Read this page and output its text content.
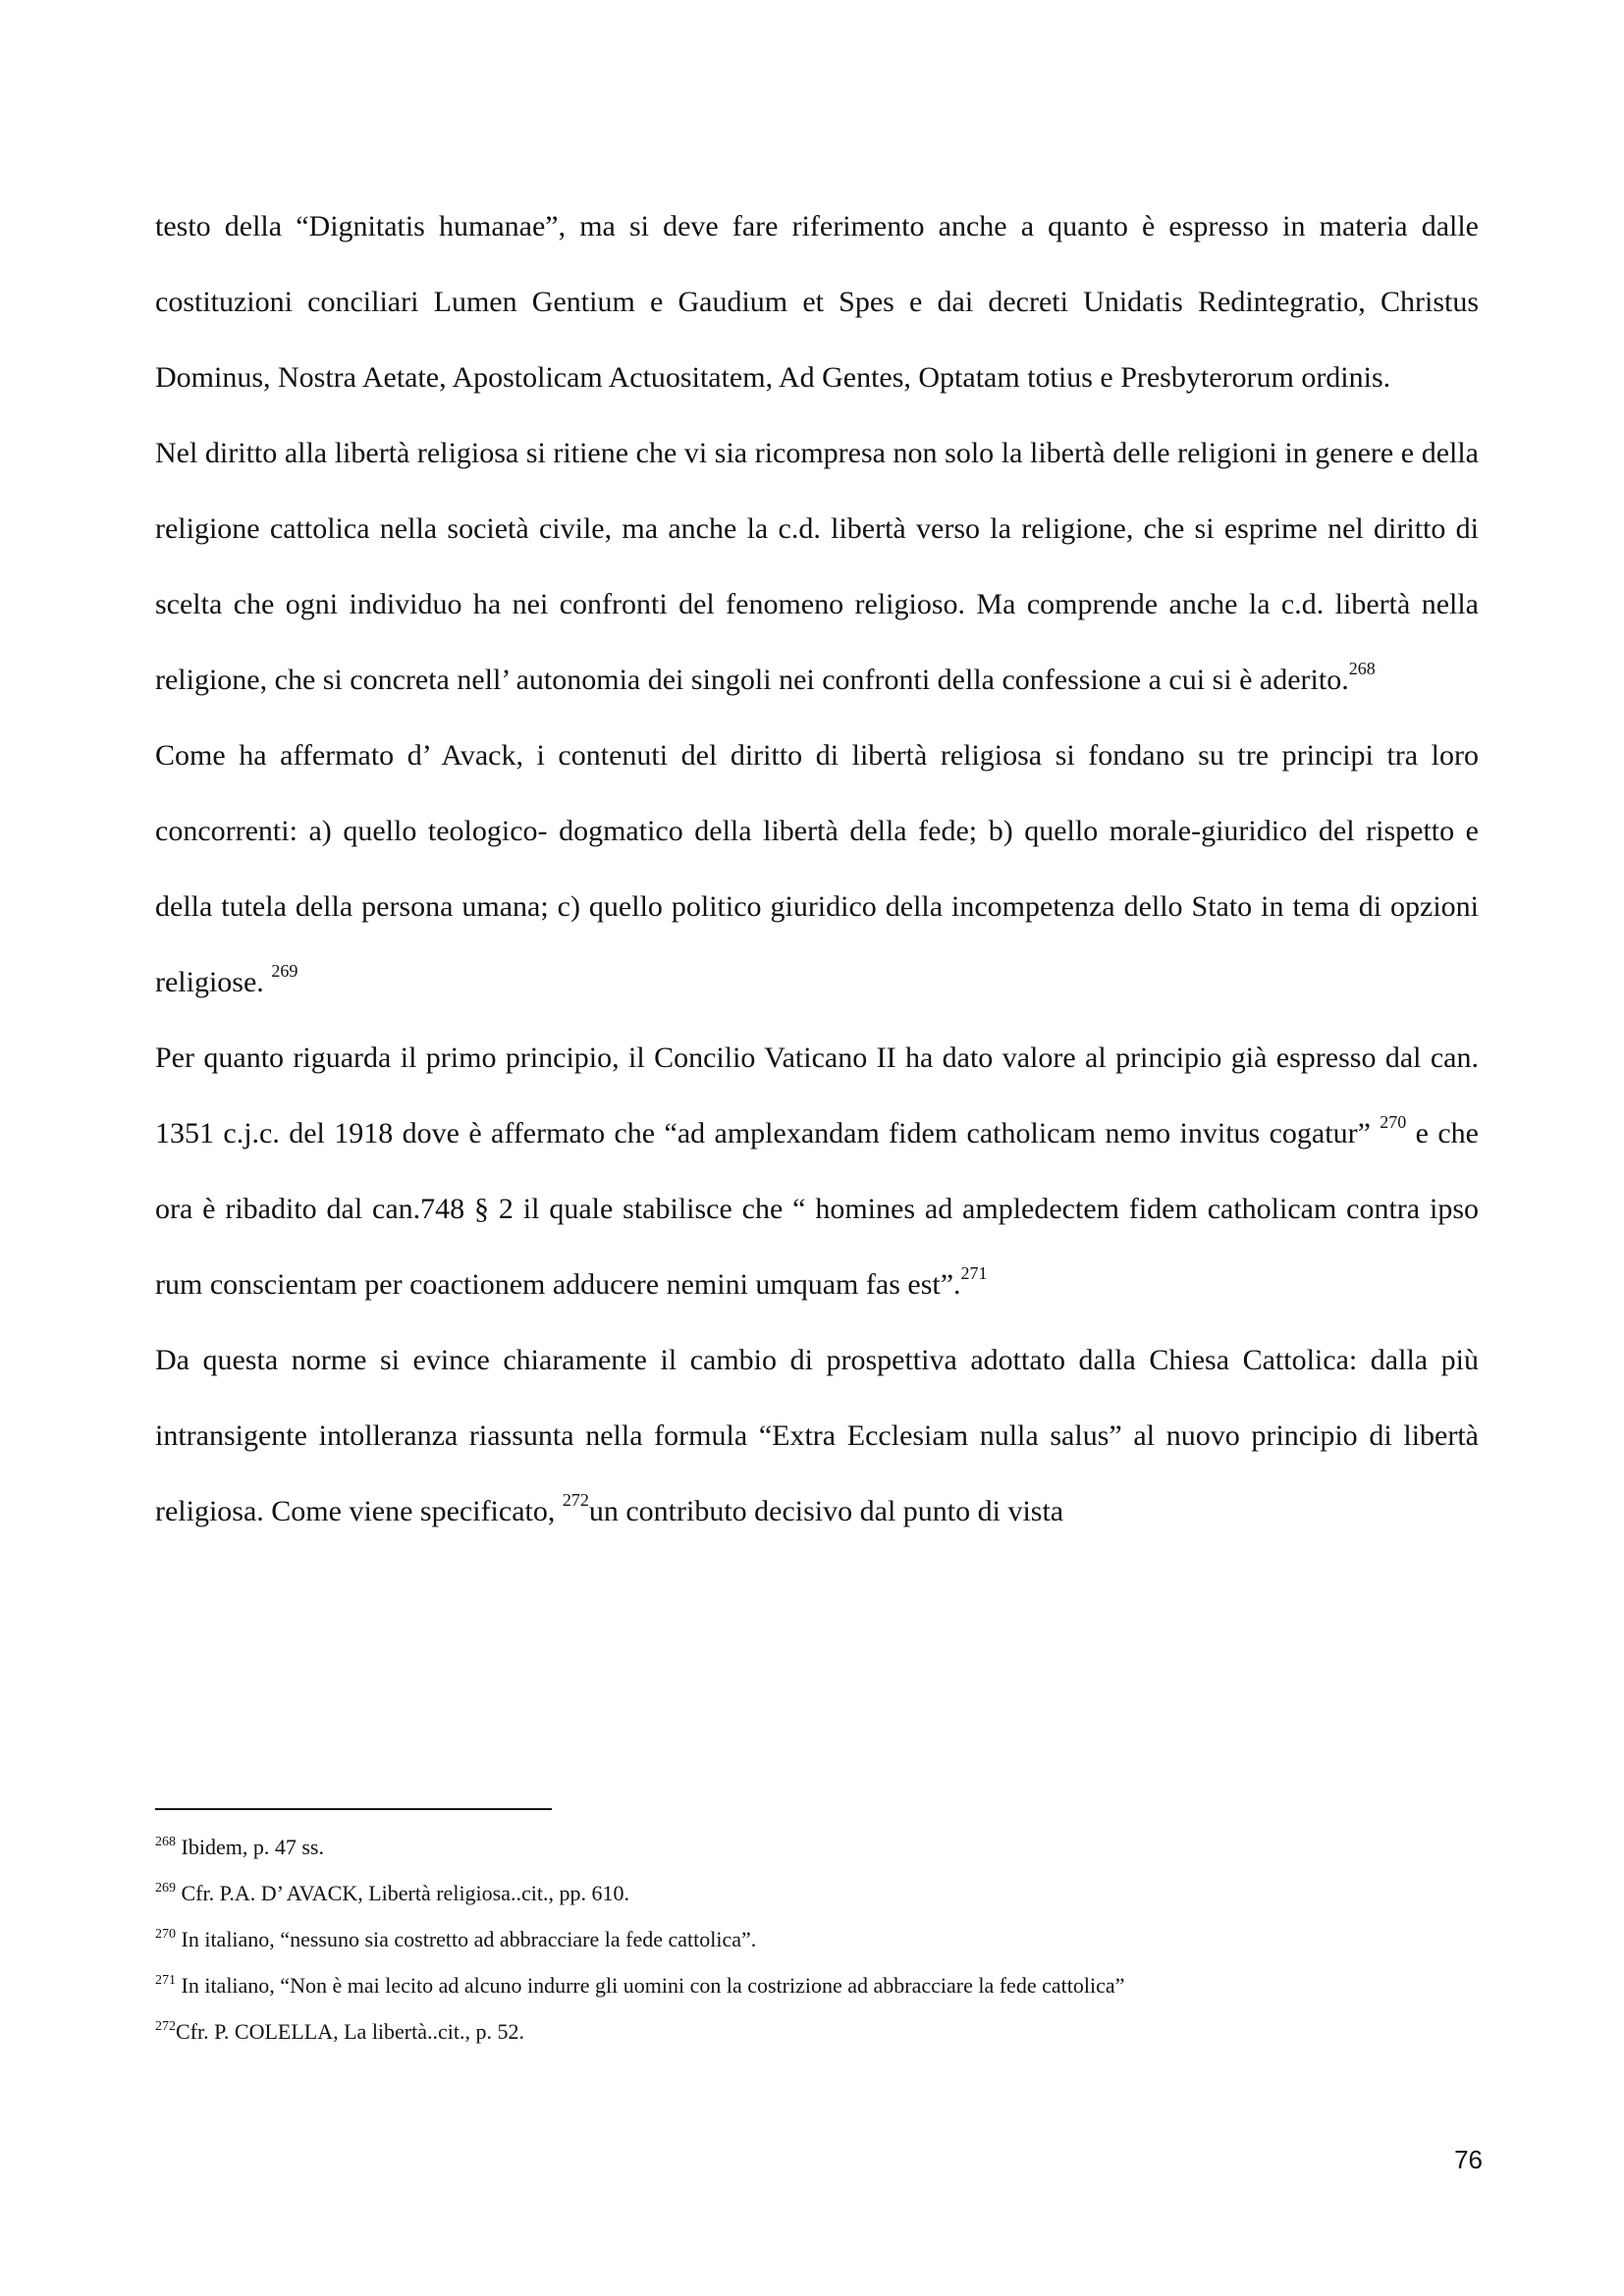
testo della “Dignitatis humanae”, ma si deve fare riferimento anche a quanto è espresso in materia dalle costituzioni conciliari Lumen Gentium e Gaudium et Spes e dai decreti Unidatis Redintegratio, Christus Dominus, Nostra Aetate, Apostolicam Actuositatem, Ad Gentes, Optatam totius e Presbyterorum ordinis.

Nel diritto alla libertà religiosa si ritiene che vi sia ricompresa non solo la libertà delle religioni in genere e della religione cattolica nella società civile, ma anche la c.d. libertà verso la religione, che si esprime nel diritto di scelta che ogni individuo ha nei confronti del fenomeno religioso. Ma comprende anche la c.d. libertà nella religione, che si concreta nell’ autonomia dei singoli nei confronti della confessione a cui si è aderito.$^{268}$

Come ha affermato d’ Avack, i contenuti del diritto di libertà religiosa si fondano su tre principi tra loro concorrenti: a) quello teologico- dogmatico della libertà della fede; b) quello morale-giuridico del rispetto e della tutela della persona umana; c) quello politico giuridico della incompetenza dello Stato in tema di opzioni religiose. $^{269}$

Per quanto riguarda il primo principio, il Concilio Vaticano II ha dato valore al principio già espresso dal can. 1351 c.j.c. del 1918 dove è affermato che “ad amplexandam fidem catholicam nemo invitus cogatur” $^{270}$ e che ora è ribadito dal can.748 § 2 il quale stabilisce che “ homines ad ampledectem fidem catholicam contra ipso rum conscientam per coactionem adducere nemini umquam fas est”.$^{271}$

Da questa norme si evince chiaramente il cambio di prospettiva adottato dalla Chiesa Cattolica: dalla più intransigente intolleranza riassunta nella formula “Extra Ecclesiam nulla salus” al nuovo principio di libertà religiosa. Come viene specificato, $^{272}$un contributo decisivo dal punto di vista

$^{268}$ Ibidem, p. 47 ss.
$^{269}$ Cfr. P.A. D’ AVACK, Libertà religiosa..cit., pp. 610.
$^{270}$ In italiano, “nessuno sia costretto ad abbracciare la fede cattolica”.
$^{271}$ In italiano, “Non è mai lecito ad alcuno indurre gli uomini con la costrizione ad abbracciare la fede cattolica”
$^{272}$Cfr. P. COLELLA, La libertà..cit., p. 52.
76
